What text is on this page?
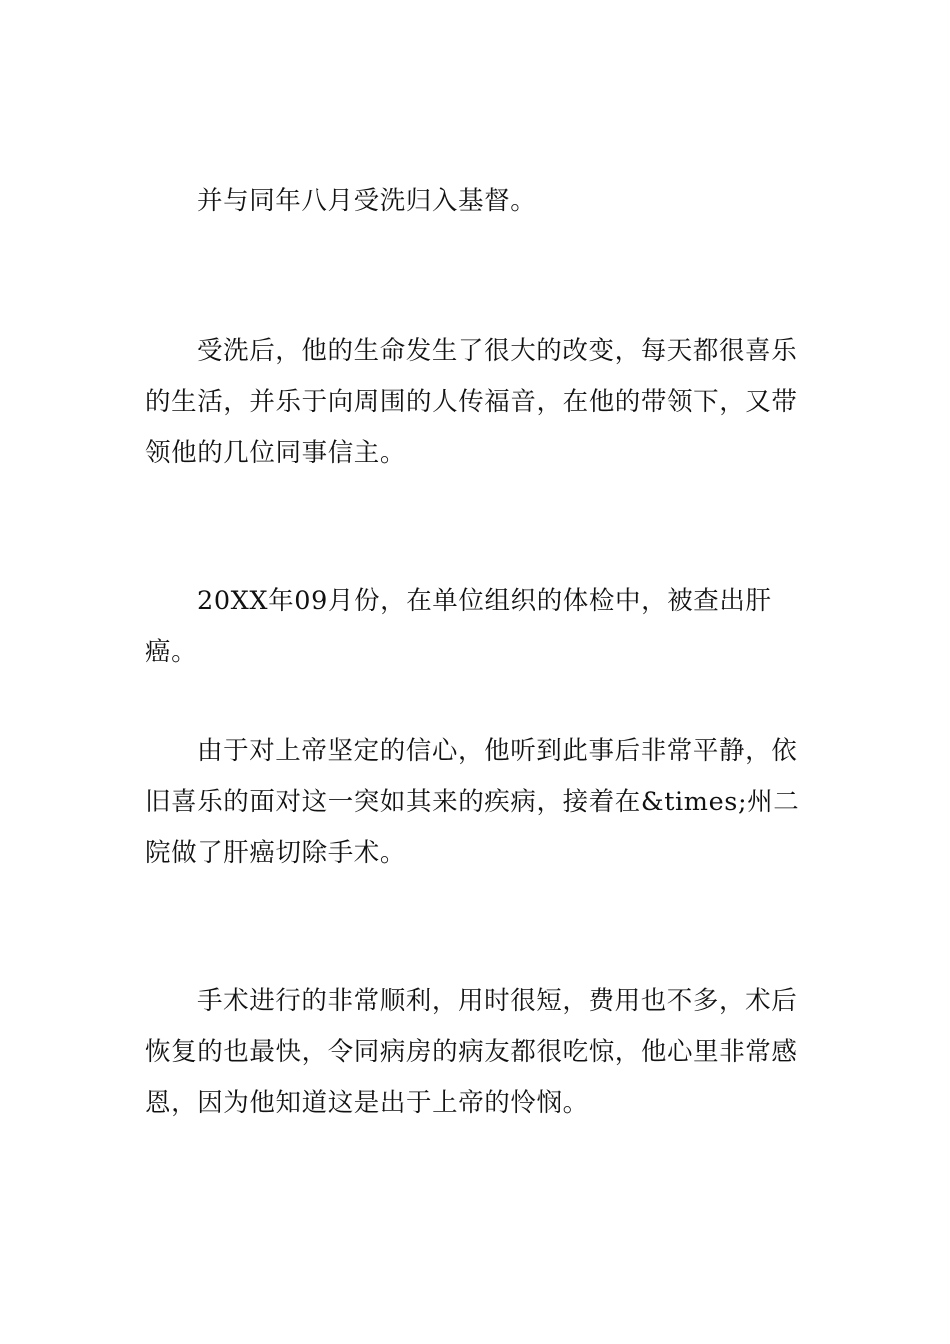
并与同年八月受洗归入基督。

受洗后，他的生命发生了很大的改变，每天都很喜乐的生活，并乐于向周围的人传福音，在他的带领下，又带领他的几位同事信主。

20XX年09月份，在单位组织的体检中，被查出肝癌。

由于对上帝坚定的信心，他听到此事后非常平静，依旧喜乐的面对这一突如其来的疾病，接着在&times;州二院做了肝癌切除手术。

手术进行的非常顺利，用时很短，费用也不多，术后恢复的也最快，令同病房的病友都很吃惊，他心里非常感恩，因为他知道这是出于上帝的怜悯。
